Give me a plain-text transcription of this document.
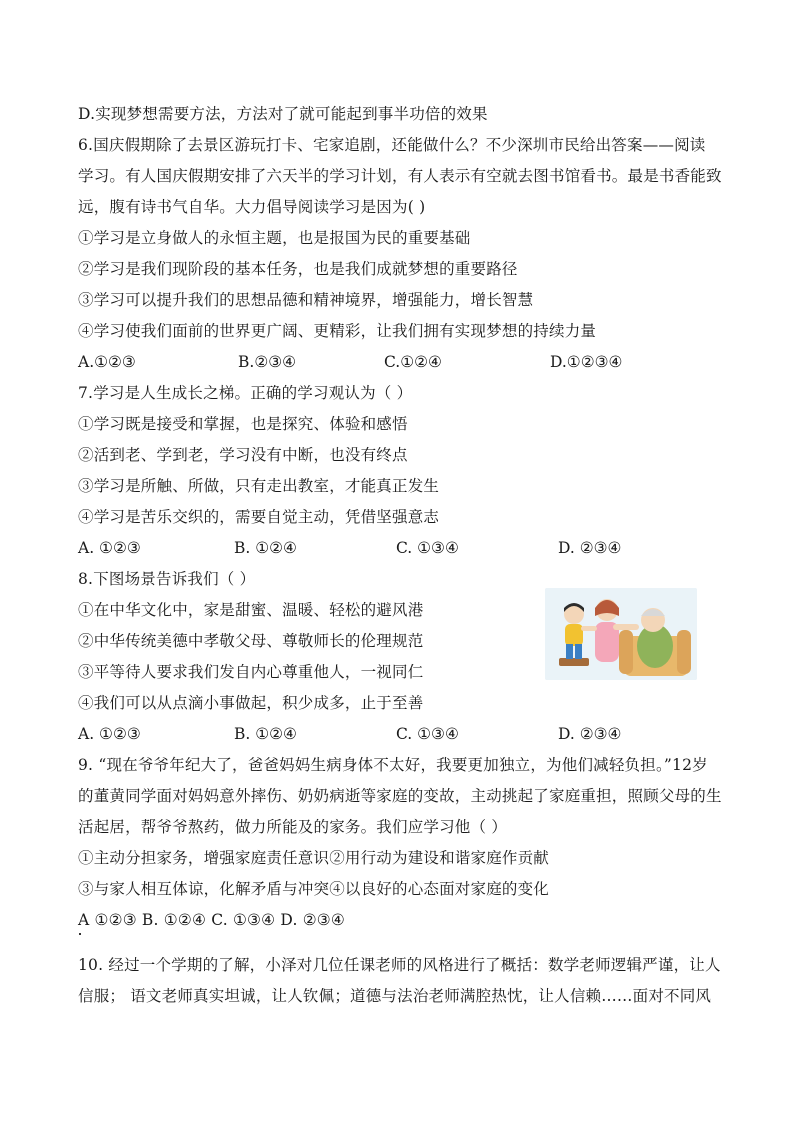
D.实现梦想需要方法，方法对了就可能起到事半功倍的效果
6.国庆假期除了去景区游玩打卡、宅家追剧，还能做什么？不少深圳市民给出答案——阅读
学习。有人国庆假期安排了六天半的学习计划，有人表示有空就去图书馆看书。最是书香能致
远，腹有诗书气自华。大力倡导阅读学习是因为( )
①学习是立身做人的永恒主题，也是报国为民的重要基础
②学习是我们现阶段的基本任务，也是我们成就梦想的重要路径
③学习可以提升我们的思想品德和精神境界，增强能力，增长智慧
④学习使我们面前的世界更广阔、更精彩，让我们拥有实现梦想的持续力量
A.①②③	B.②③④	C.①②④	D.①②③④
7.学习是人生成长之梯。正确的学习观认为（ ）
①学习既是接受和掌握，也是探究、体验和感悟
②活到老、学到老，学习没有中断，也没有终点
③学习是所触、所做，只有走出教室，才能真正发生
④学习是苦乐交织的，需要自觉主动，凭借坚强意志
A. ①②③	B. ①②④	C. ①③④	D. ②③④
8.下图场景告诉我们（ ）
①在中华文化中，家是甜蜜、温暖、轻松的避风港
②中华传统美德中孝敬父母、尊敬师长的伦理规范
③平等待人要求我们发自内心尊重他人，一视同仁
④我们可以从点滴小事做起，积少成多，止于至善
A. ①②③	B. ①②④	C. ①③④	D. ②③④
9. “现在爷爷年纪大了，爸爸妈妈生病身体不太好，我要更加独立，为他们减轻负担。”12岁
的董黄同学面对妈妈意外摔伤、奶奶病逝等家庭的变故，主动挑起了家庭重担，照顾父母的生
活起居，帮爷爷熬药，做力所能及的家务。我们应学习他（ ）
①主动分担家务，增强家庭责任意识②用行动为建设和谐家庭作贡献
③与家人相互体谅，化解矛盾与冲突④以良好的心态面对家庭的变化
A ①②③ B. ①②④ C. ①③④ D. ②③④
10. 经过一个学期的了解，小泽对几位任课老师的风格进行了概括：数学老师逻辑严谨，让人
信服； 语文老师真实坦诚，让人钦佩；道德与法治老师满腔热忱，让人信赖……面对不同风
